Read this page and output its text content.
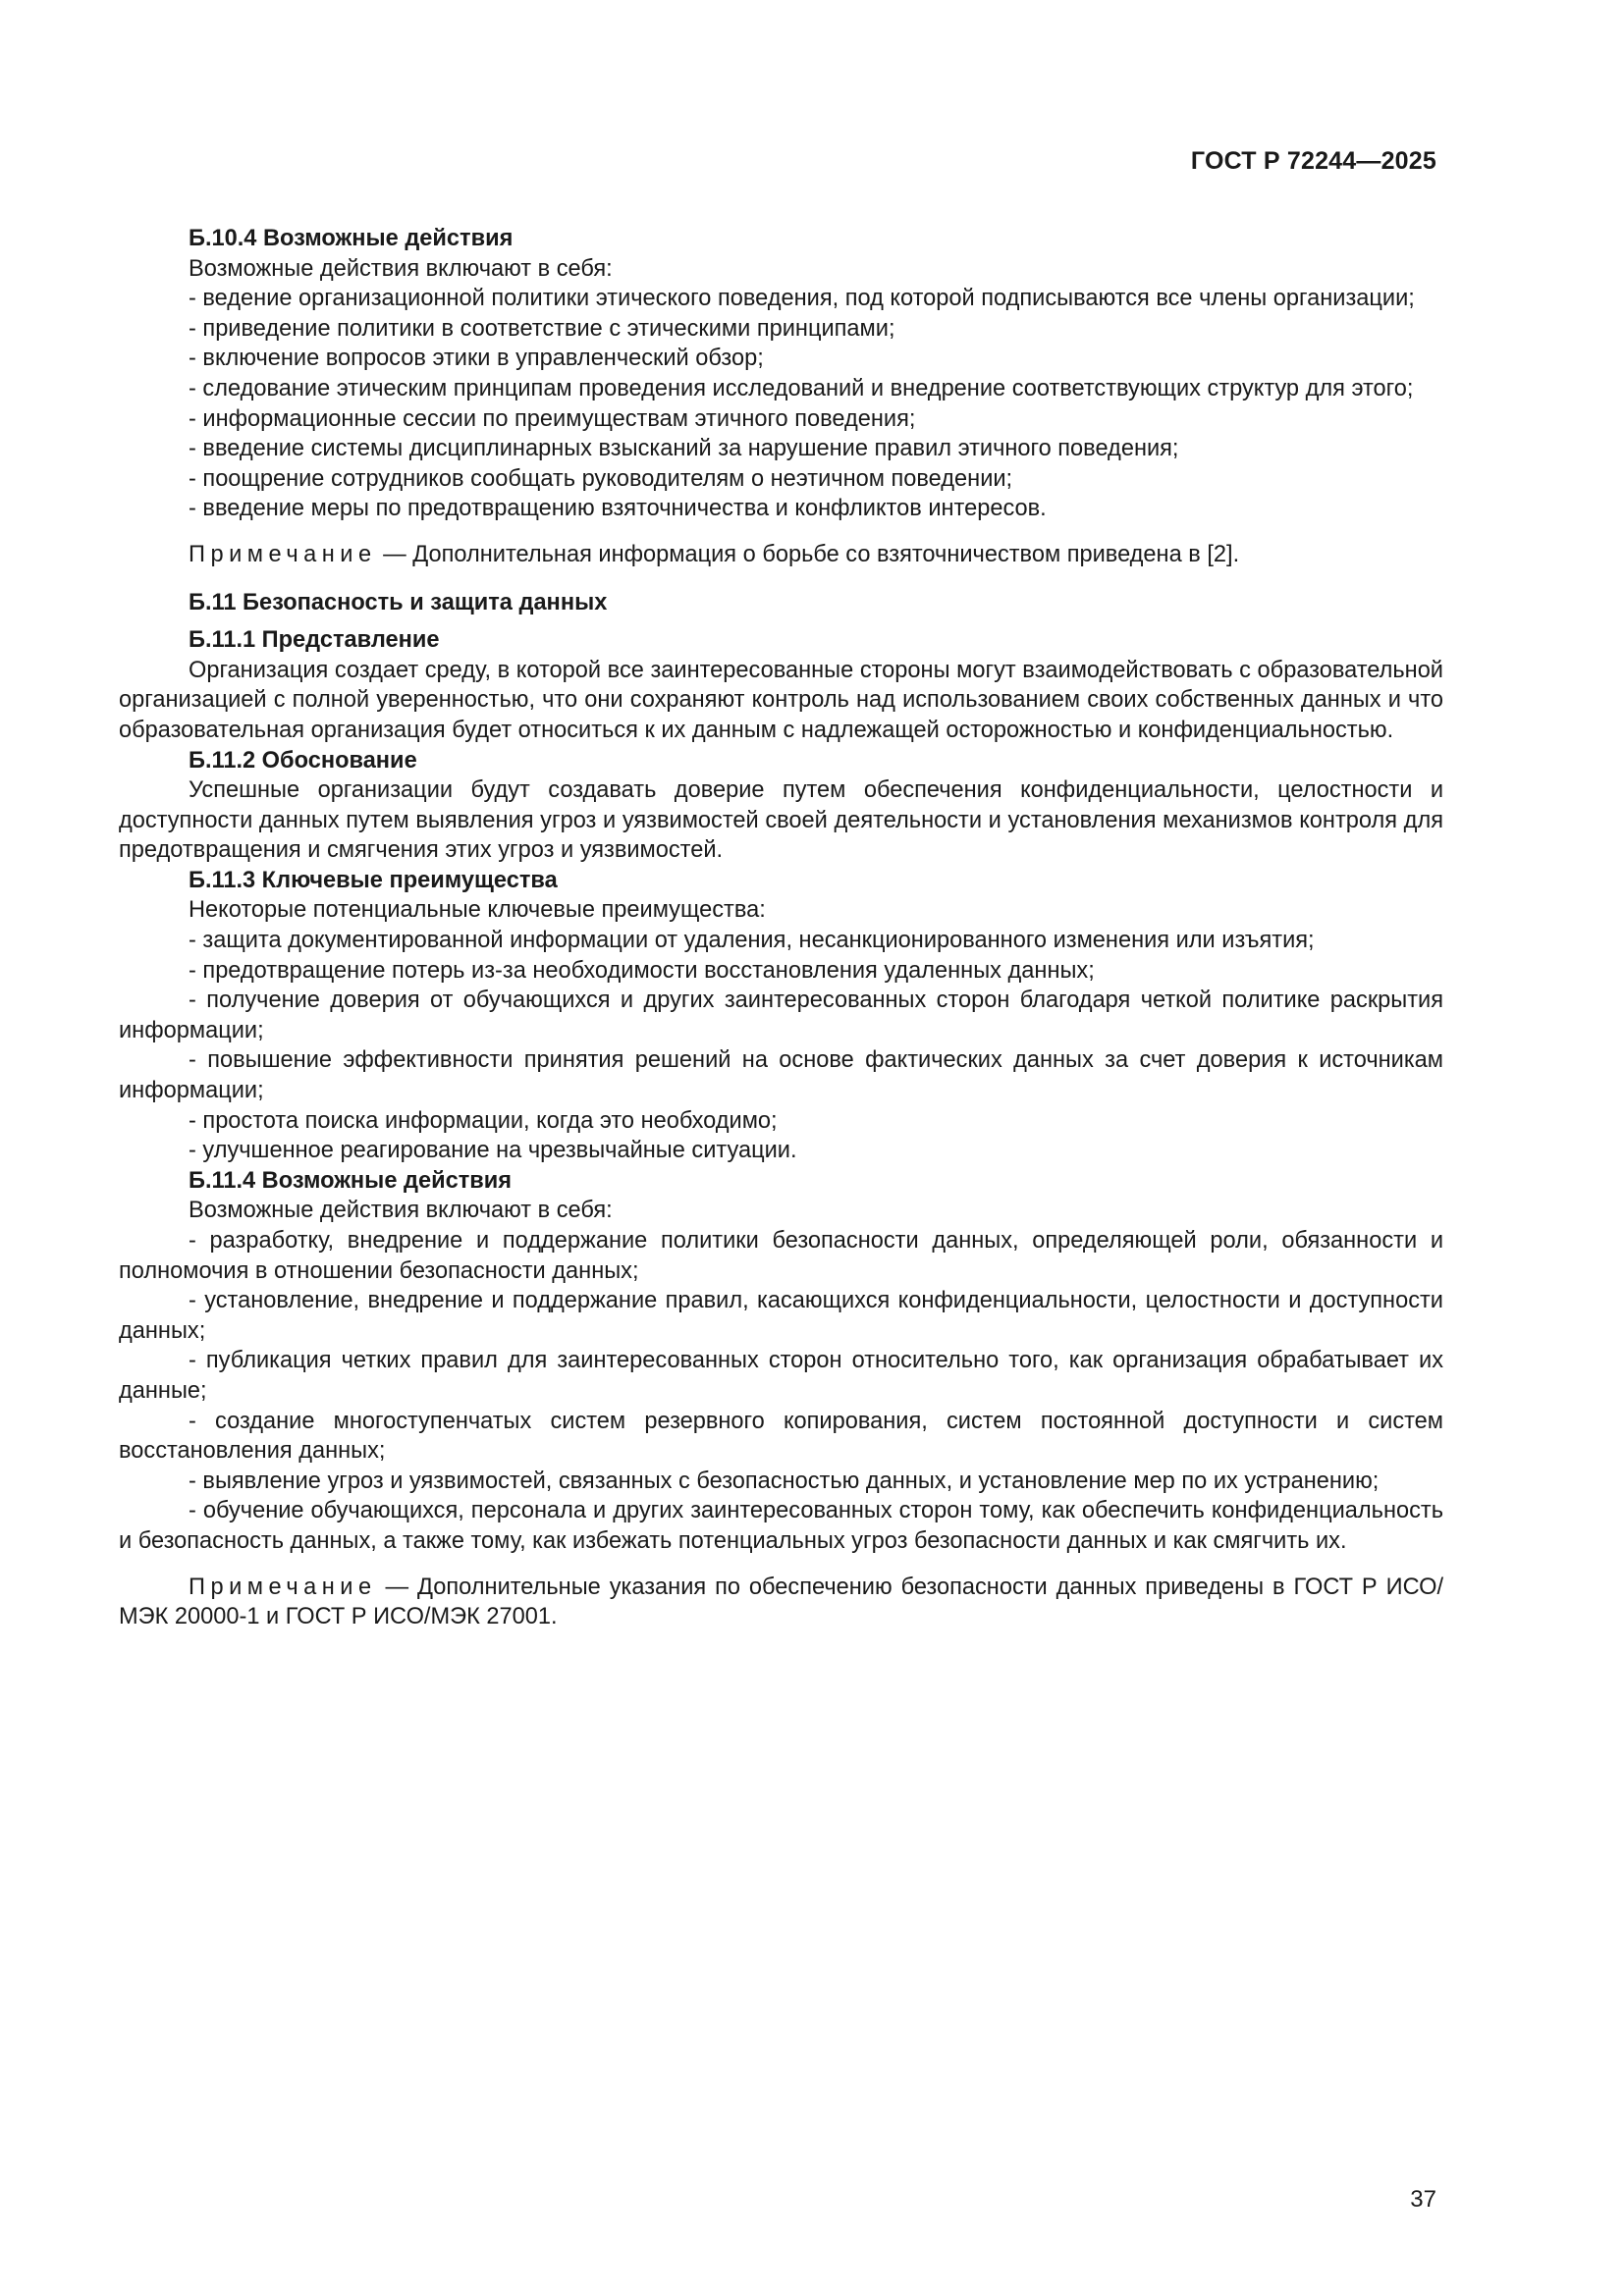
ГОСТ Р 72244—2025
Б.10.4 Возможные действия

Возможные действия включают в себя:

- ведение организационной политики этического поведения, под которой подписываются все члены организации;

- приведение политики в соответствие с этическими принципами;

- включение вопросов этики в управленческий обзор;

- следование этическим принципам проведения исследований и внедрение соответствующих структур для этого;

- информационные сессии по преимуществам этичного поведения;

- введение системы дисциплинарных взысканий за нарушение правил этичного поведения;

- поощрение сотрудников сообщать руководителям о неэтичном поведении;

- введение меры по предотвращению взяточничества и конфликтов интересов.

Примечание — Дополнительная информация о борьбе со взяточничеством приведена в [2].

Б.11 Безопасность и защита данных
Б.11.1 Представление

Организация создает среду, в которой все заинтересованные стороны могут взаимодействовать с образовательной организацией с полной уверенностью, что они сохраняют контроль над использованием своих собственных данных и что образовательная организация будет относиться к их данным с надлежащей осторожностью и конфиденциальностью.

Б.11.2 Обоснование

Успешные организации будут создавать доверие путем обеспечения конфиденциальности, целостности и доступности данных путем выявления угроз и уязвимостей своей деятельности и установления механизмов контроля для предотвращения и смягчения этих угроз и уязвимостей.

Б.11.3 Ключевые преимущества

Некоторые потенциальные ключевые преимущества:

- защита документированной информации от удаления, несанкционированного изменения или изъятия;

- предотвращение потерь из-за необходимости восстановления удаленных данных;

- получение доверия от обучающихся и других заинтересованных сторон благодаря четкой политике раскрытия информации;

- повышение эффективности принятия решений на основе фактических данных за счет доверия к источникам информации;

- простота поиска информации, когда это необходимо;

- улучшенное реагирование на чрезвычайные ситуации.

Б.11.4 Возможные действия

Возможные действия включают в себя:

- разработку, внедрение и поддержание политики безопасности данных, определяющей роли, обязанности и полномочия в отношении безопасности данных;

- установление, внедрение и поддержание правил, касающихся конфиденциальности, целостности и доступности данных;

- публикация четких правил для заинтересованных сторон относительно того, как организация обрабатывает их данные;

- создание многоступенчатых систем резервного копирования, систем постоянной доступности и систем восстановления данных;

- выявление угроз и уязвимостей, связанных с безопасностью данных, и установление мер по их устранению;

- обучение обучающихся, персонала и других заинтересованных сторон тому, как обеспечить конфиденциальность и безопасность данных, а также тому, как избежать потенциальных угроз безопасности данных и как смягчить их.

Примечание — Дополнительные указания по обеспечению безопасности данных приведены в ГОСТ Р ИСО/МЭК 20000-1 и ГОСТ Р ИСО/МЭК 27001.

37
